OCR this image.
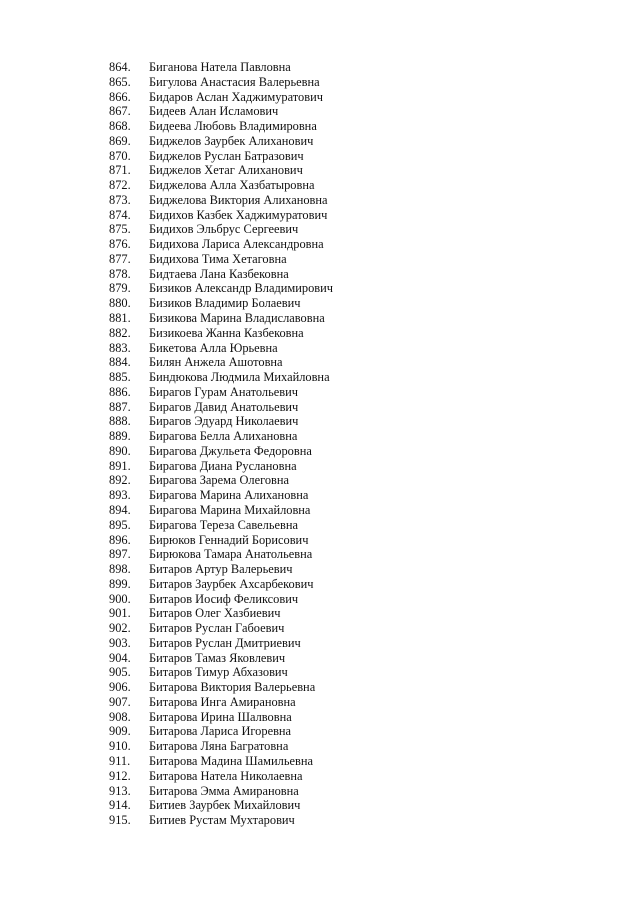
864.	Биганова Натела Павловна
865.	Бигулова Анастасия Валерьевна
866.	Бидаров Аслан Хаджимуратович
867.	Бидеев Алан Исламович
868.	Бидеева Любовь Владимировна
869.	Биджелов Заурбек Алиханович
870.	Биджелов Руслан Батразович
871.	Биджелов Хетаг Алиханович
872.	Биджелова Алла Хазбатыровна
873.	Биджелова Виктория Алихановна
874.	Бидихов Казбек Хаджимуратович
875.	Бидихов Эльбрус Сергеевич
876.	Бидихова Лариса Александровна
877.	Бидихова Тима Хетаговна
878.	Бидтаева Лана Казбековна
879.	Бизиков Александр Владимирович
880.	Бизиков Владимир Болаевич
881.	Бизикова Марина Владиславовна
882.	Бизикоева Жанна Казбековна
883.	Бикетова Алла Юрьевна
884.	Билян Анжела Ашотовна
885.	Биндюкова Людмила Михайловна
886.	Бирагов Гурам Анатольевич
887.	Бирагов Давид Анатольевич
888.	Бирагов Эдуард Николаевич
889.	Бирагова Белла Алихановна
890.	Бирагова Джульета Федоровна
891.	Бирагова Диана Руслановна
892.	Бирагова Зарема Олеговна
893.	Бирагова Марина Алихановна
894.	Бирагова Марина Михайловна
895.	Бирагова Тереза Савельевна
896.	Бирюков Геннадий Борисович
897.	Бирюкова Тамара Анатольевна
898.	Битаров Артур Валерьевич
899.	Битаров Заурбек Ахсарбекович
900.	Битаров Иосиф Феликсович
901.	Битаров Олег Хазбиевич
902.	Битаров Руслан Габоевич
903.	Битаров Руслан Дмитриевич
904.	Битаров Тамаз Яковлевич
905.	Битаров Тимур Абхазович
906.	Битарова Виктория Валерьевна
907.	Битарова Инга Амирановна
908.	Битарова Ирина Шалвовна
909.	Битарова Лариса Игоревна
910.	Битарова Ляна Багратовна
911.	Битарова Мадина Шамильевна
912.	Битарова Натела Николаевна
913.	Битарова Эмма Амирановна
914.	Битиев Заурбек Михайлович
915.	Битиев Рустам Мухтарович
